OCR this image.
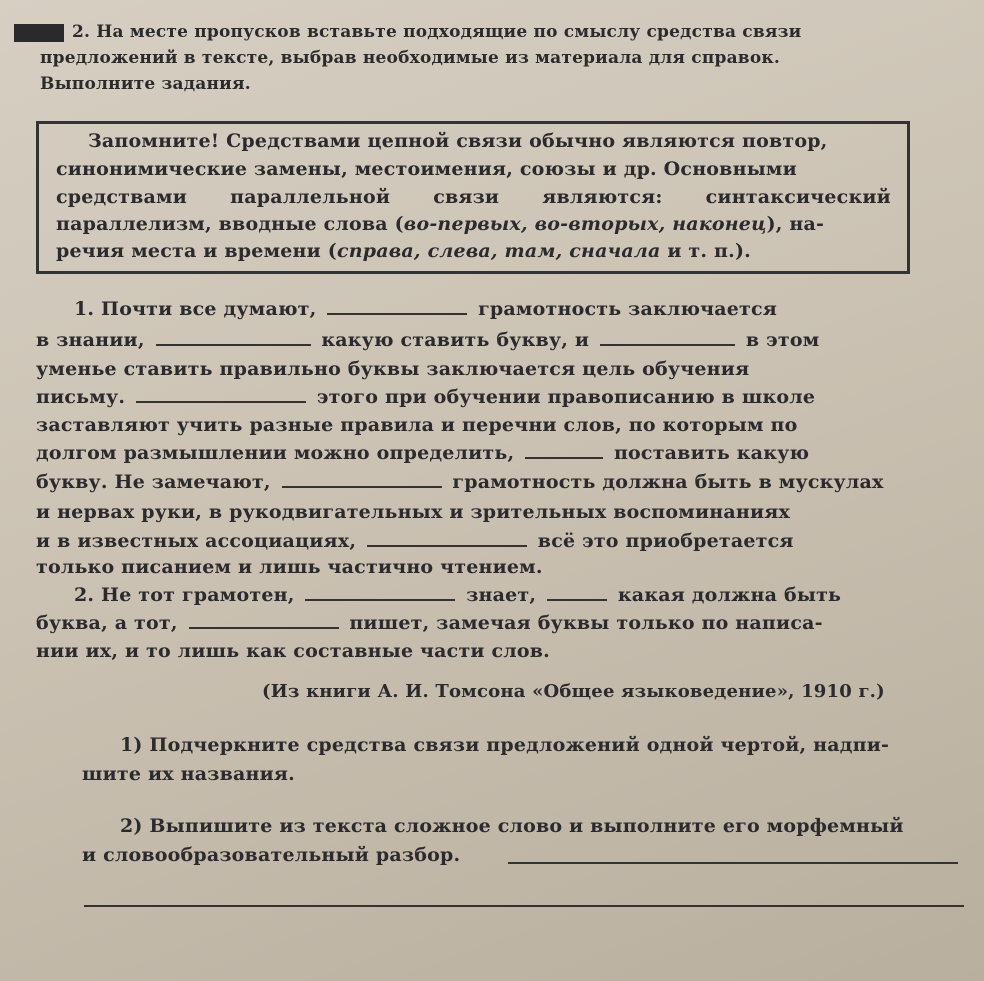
2. На месте пропусков вставьте подходящие по смыслу средства связи
предложений в тексте, выбрав необходимые из материала для справок.
Выполните задания.
Запомните! Средствами цепной связи обычно являются повтор,
синонимические замены, местоимения, союзы и др. Основными
средствами параллельной связи являются: синтаксический
параллелизм, вводные слова (во-первых, во-вторых, наконец), на-
речия места и времени (справа, слева, там, сначала и т. п.).
1. Почти все думают,	грамотность заключается
в знании,	какую ставить букву, и	в этом
уменье ставить правильно буквы заключается цель обучения
письму.	этого при обучении правописанию в школе
заставляют учить разные правила и перечни слов, по которым по
долгом размышлении можно определить,	поставить какую
букву. Не замечают,	грамотность должна быть в мускулах
и нервах руки, в рукодвигательных и зрительных воспоминаниях
и в известных ассоциациях,	всё это приобретается
только писанием и лишь частично чтением.
2. Не тот грамотен,	знает,	какая должна быть
буква, а тот,	пишет, замечая буквы только по написа-
нии их, и то лишь как составные части слов.
(Из книги А. И. Томсона «Общее языковедение», 1910 г.)
1) Подчеркните средства связи предложений одной чертой, надпи-
шите их названия.
2) Выпишите из текста сложное слово и выполните его морфемный
и словообразовательный разбор.
